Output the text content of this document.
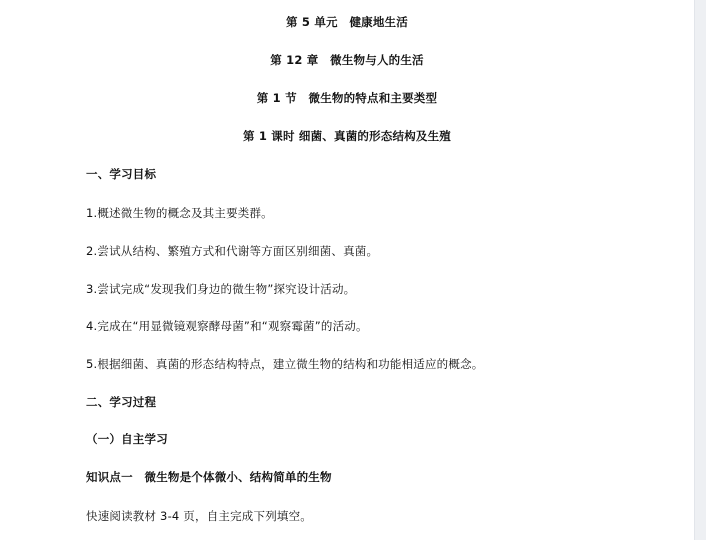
第 5 单元　健康地生活
第 12 章　微生物与人的生活
第 1 节　微生物的特点和主要类型
第 1 课时 细菌、真菌的形态结构及生殖
一、学习目标
1.概述微生物的概念及其主要类群。
2.尝试从结构、繁殖方式和代谢等方面区别细菌、真菌。
3.尝试完成“发现我们身边的微生物”探究设计活动。
4.完成在“用显微镜观察酵母菌”和“观察霉菌”的活动。
5.根据细菌、真菌的形态结构特点，建立微生物的结构和功能相适应的概念。
二、学习过程
（一）自主学习
知识点一　微生物是个体微小、结构简单的生物
快速阅读教材 3-4 页，自主完成下列填空。
